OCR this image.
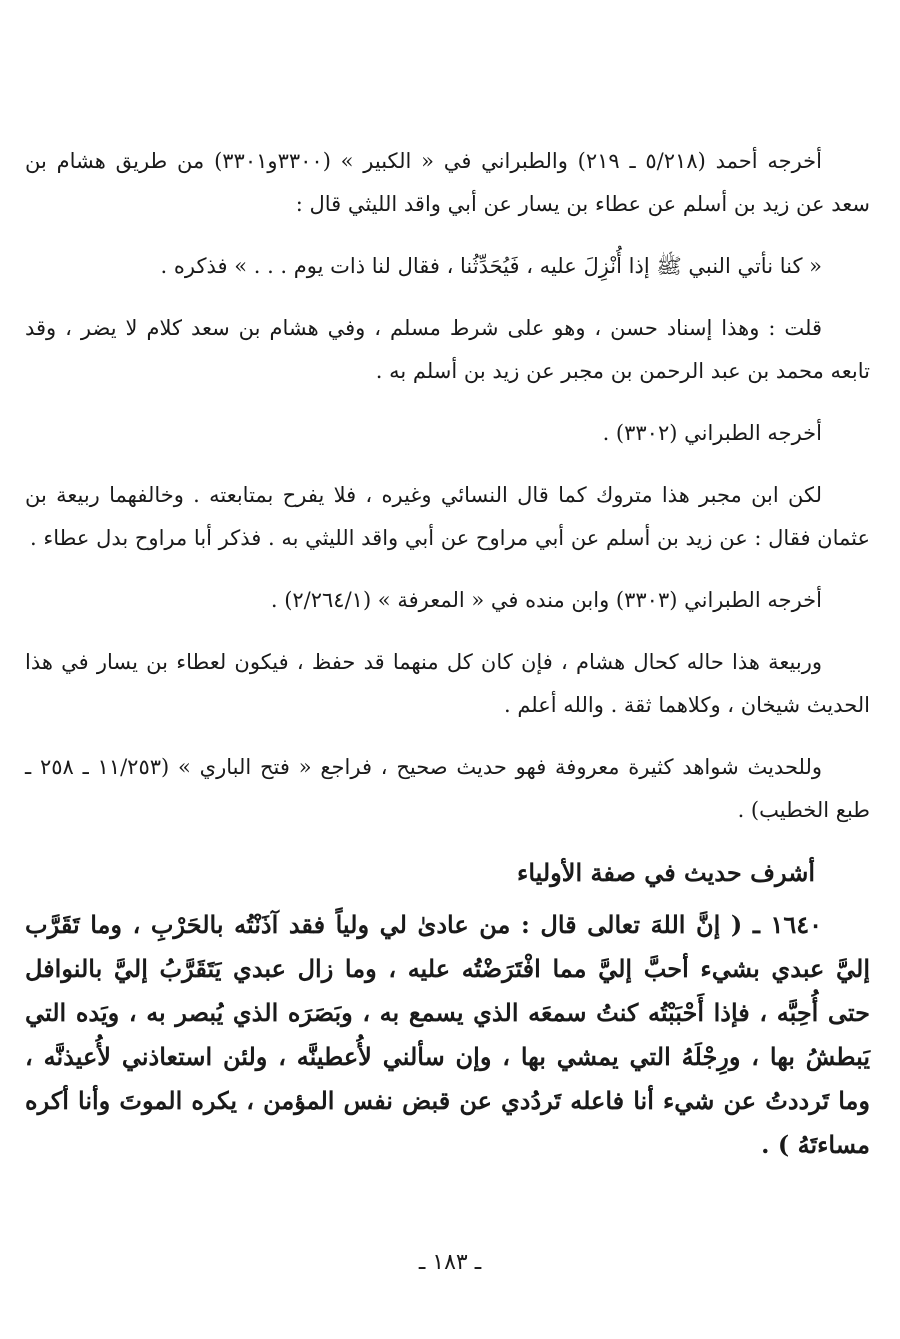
أخرجه أحمد (٥/٢١٨ ـ ٢١٩) والطبراني في « الكبير » (٣٣٠٠و٣٣٠١) من طريق هشام بن سعد عن زيد بن أسلم عن عطاء بن يسار عن أبي واقد الليثي قال :

« كنا نأتي النبي ﷺ إذا أُنْزِلَ عليه ، فَيُحَدِّثُنا ، فقال لنا ذات يوم . . . » فذكره .

قلت : وهذا إسناد حسن ، وهو على شرط مسلم ، وفي هشام بن سعد كلام لا يضر ، وقد تابعه محمد بن عبد الرحمن بن مجبر عن زيد بن أسلم به .

أخرجه الطبراني (٣٣٠٢) .

لكن ابن مجبر هذا متروك كما قال النسائي وغيره ، فلا يفرح بمتابعته . وخالفهما ربيعة بن عثمان فقال : عن زيد بن أسلم عن أبي مراوح عن أبي واقد الليثي به . فذكر أبا مراوح بدل عطاء .

أخرجه الطبراني (٣٣٠٣) وابن منده في « المعرفة » (٢/٢٦٤/١) .

وربيعة هذا حاله كحال هشام ، فإن كان كل منهما قد حفظ ، فيكون لعطاء بن يسار في هذا الحديث شيخان ، وكلاهما ثقة . والله أعلم .

وللحديث شواهد كثيرة معروفة فهو حديث صحيح ، فراجع « فتح الباري » (١١/٢٥٣ ـ ٢٥٨ ـ طبع الخطيب) .

أشرف حديث في صفة الأولياء

١٦٤٠ ـ ( إنَّ اللهَ تعالى قال : من عادىٰ لي ولياً فقد آذَنْتُه بالحَرْبِ ، وما تَقَرَّب إليَّ عبدي بشيء أحبَّ إليَّ مما افْتَرَضْتُه عليه ، وما زال عبدي يَتَقَرَّبُ إليَّ بالنوافل حتى أُحِبَّه ، فإذا أَحْبَبْتُه كنتُ سمعَه الذي يسمع به ، وبَصَرَه الذي يُبصر به ، ويَده التي يَبطشُ بها ، ورِجْلَهُ التي يمشي بها ، وإن سألني لأُعطينَّه ، ولئن استعاذني لأُعيذنَّه ، وما تَرددتُ عن شيء أنا فاعله تَردُدي عن قبض نفس المؤمن ، يكره الموتَ وأنا أكره مساءتَهُ ) .

ـ ١٨٣ ـ
